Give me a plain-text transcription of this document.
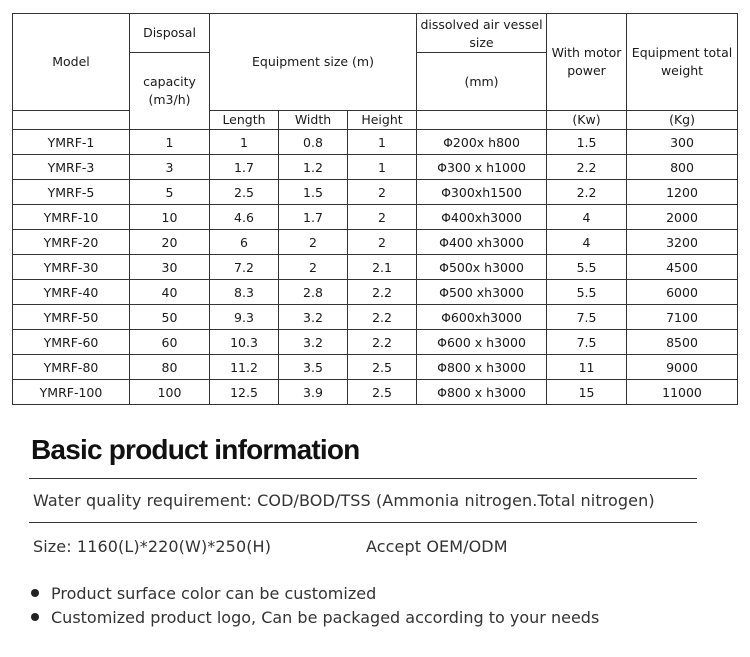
Model	Disposal	Equipment size (m)			dissolved air vessel size	With motor power	Equipment total weight
	capacity (m3/h)				(mm)		
		Length	Width	Height		(Kw)	(Kg)
YMRF-1	1	1	0.8	1	Φ200x h800	1.5	300
YMRF-3	3	1.7	1.2	1	Φ300 x h1000	2.2	800
YMRF-5	5	2.5	1.5	2	Φ300xh1500	2.2	1200
YMRF-10	10	4.6	1.7	2	Φ400xh3000	4	2000
YMRF-20	20	6	2	2	Φ400 xh3000	4	3200
YMRF-30	30	7.2	2	2.1	Φ500x h3000	5.5	4500
YMRF-40	40	8.3	2.8	2.2	Φ500 xh3000	5.5	6000
YMRF-50	50	9.3	3.2	2.2	Φ600xh3000	7.5	7100
YMRF-60	60	10.3	3.2	2.2	Φ600 x h3000	7.5	8500
YMRF-80	80	11.2	3.5	2.5	Φ800 x h3000	11	9000
YMRF-100	100	12.5	3.9	2.5	Φ800 x h3000	15	11000
Basic product information
Water quality requirement: COD/BOD/TSS (Ammonia nitrogen.Total nitrogen)
Size: 1160(L)*220(W)*250(H)	Accept OEM/ODM
Product surface color can be customized
Customized product logo, Can be packaged according to your needs
